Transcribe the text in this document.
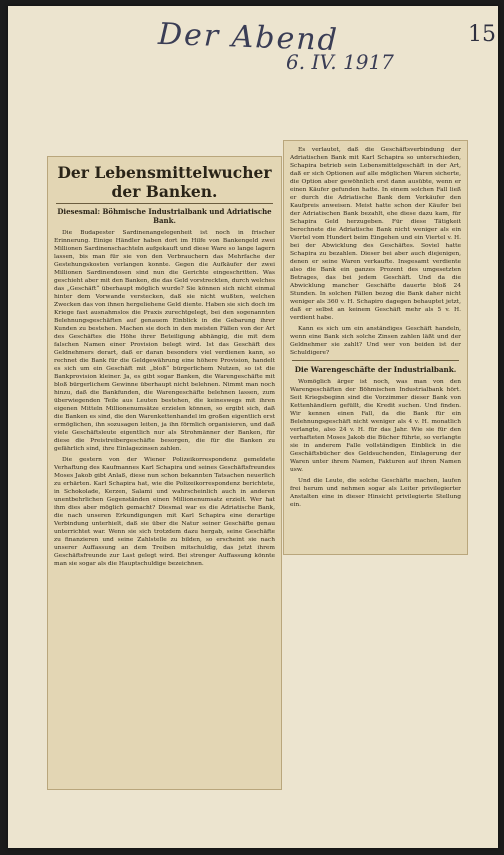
Der Abend
6. IV. 1917
15
Der Lebensmittelwucher der Banken.
Diesesmal: Böhmische Industrialbank und Adriatische Bank.
Die Budapester Sardinenangelegenheit ist noch in frischer Erinnerung. Einige Händler haben dort im Hilfe von Bankengeld zwei Millionen Sardinenschachteln aufgekauft und diese Ware so lange lagern lassen, bis man für sie von den Verbrauchern das Mehrfache der Gestehungskosten verlangen konnte. Gegen die Aufkäufer der zwei Millionen Sardinendosen sind nun die Gerichte eingeschritten. Was geschieht aber mit den Banken, die das Geld vorstreckten, durch welches das „Geschäft“ überhaupt möglich wurde? Sie können sich nicht einmal hinter dem Vorwande verstecken, daß sie nicht wußten, welchen Zwecken das von ihnen hergeliehene Geld diente. Haben sie sich doch im Kriege fast ausnahmslos die Praxis zurechtgelegt, bei den sogenannten Belehnungsgeschäften auf genauem Einblick in die Gebarung ihrer Kunden zu bestehen. Machen sie doch in den meisten Fällen von der Art des Geschäftes die Höhe ihrer Beteiligung abhängig, die mit dem falschen Namen einer Provision belegt wird. Ist das Geschäft des Geldnehmers derart, daß er daran besonders viel verdienen kann, so rechnet die Bank für die Geldgewährung eine höhere Provision, handelt es sich um ein Geschäft mit „bloß“ bürgerlichem Nutzen, so ist die Bankprovision kleiner. Ja, es gibt sogar Banken, die Warengeschäfte mit bloß bürgerlichem Gewinne überhaupt nicht belehnen. Nimmt man noch hinzu, daß die Bankfunden, die Warengeschäfte belehnen lassen, zum überwiegenden Teile aus Leuten bestehen, die keineswegs mit ihren eigenen Mitteln Millionenumsätze erzielen können, so ergibt sich, daß die Banken es sind, die den Warenkettenhandel im großen eigentlich erst ermöglichen, ihn sozusagen leiten, ja ihn förmlich organisieren, und daß viele Geschäftsleute eigentlich nur als Strohmänner der Banken, für diese die Preistreibergeschäfte besorgen, die für die Banken zu gefährlich sind, ihre Einlagezinsen zahlen.
Die gestern von der Wiener Polizeikorrespondenz gemeldete Verhaftung des Kaufmannes Karl Schapira und seines Geschäftsfreundes Moses Jakob gibt Anlaß, diese nun schon bekannten Tatsachen neuerlich zu erhärten. Karl Schapira hat, wie die Polizeikorrespondenz berichtete, in Schokolade, Kerzen, Salami und wahrscheinlich auch in anderen unentbehrlichen Gegenständen einen Millionenumsatz erzielt. Wer hat ihm dies aber möglich gemacht? Diesmal war es die Adriatische Bank, die nach unseren Erkundigungen mit Karl Schapira eine derartige Verbindung unterhielt, daß sie über die Natur seiner Geschäfte genau unterrichtet war. Wenn sie sich trotzdem dazu hergab, seine Geschäfte zu finanzieren und seine Zahlstelle zu bilden, so erscheint sie nach unserer Auffassung an dem Treiben mitschuldig, das jetzt ihrem Geschäftsfreunde zur Last gelegt wird. Bei strenger Auffassung könnte man sie sogar als die Hauptschuldige bezeichnen.
Es verlautet, daß die Geschäftsverbindung der Adriatischen Bank mit Karl Schapira so unterschieden, Schapira betrieb sein Lebensmittelgeschäft in der Art, daß er sich Optionen auf alle möglichen Waren sicherte, die Option aber gewöhnlich erst dann ausübte, wenn er einen Käufer gefunden hatte. In einem solchen Fall ließ er durch die Adriatische Bank dem Verkäufer den Kaufpreis anweisen. Meist hatte schon der Käufer bei der Adriatischen Bank bezahlt, ehe diese dazu kam, für Schapira Geld herzugeben. Für diese Tätigkeit berechnete die Adriatische Bank nicht weniger als ein Viertel vom Hundert beim Eingehen und ein Viertel v. H. bei der Abwicklung des Geschäftes. Soviel hatte Schapira zu bezahlen. Dieser bei aber auch diejenigen, denen er seine Waren verkaufte. Insgesamt verdiente also die Bank ein ganzes Prozent des umgesetzten Betrages, das bei jedem Geschäft. Und da die Abwicklung mancher Geschäfte dauerte bloß 24 Stunden. In solchen Fällen bezog die Bank daher nicht weniger als 360 v. H. Schapiro dagegen behauptet jetzt, daß er selbst an keinem Geschäft mehr als 5 v. H. verdient habe.
Kann es sich um ein anständiges Geschäft handeln, wenn eine Bank sich solche Zinsen zahlen läßt und der Geldnehmer sie zahlt? Und wer von beiden ist der Schuldigere?
Die Warengeschäfte der Industrialbank.
Womöglich ärger ist noch, was man von den Warengeschäften der Böhmischen Industrialbank hört. Seit Kriegsbeginn sind die Vorzimmer dieser Bank von Kettenhändlern gefüllt, die Kredit suchen. Und finden. Wir kennen einen Fall, da die Bank für ein Belehnungsgeschäft nicht weniger als 4 v. H. monatlich verlangte, also 24 v. H. für das Jahr. Wie sie für den verhafteten Moses Jakob die Bücher führte, so verlangte sie in anderem Falle vollständigen Einblick in die Geschäftsbücher des Geldsuchenden, Einlagerung der Waren unter ihrem Namen, Fakturen auf ihren Namen usw.
Und die Leute, die solche Geschäfte machen, laufen frei herum und nehmen sogar als Leiter privilegierter Anstalten eine in dieser Hinsicht privilegierte Stellung ein.
